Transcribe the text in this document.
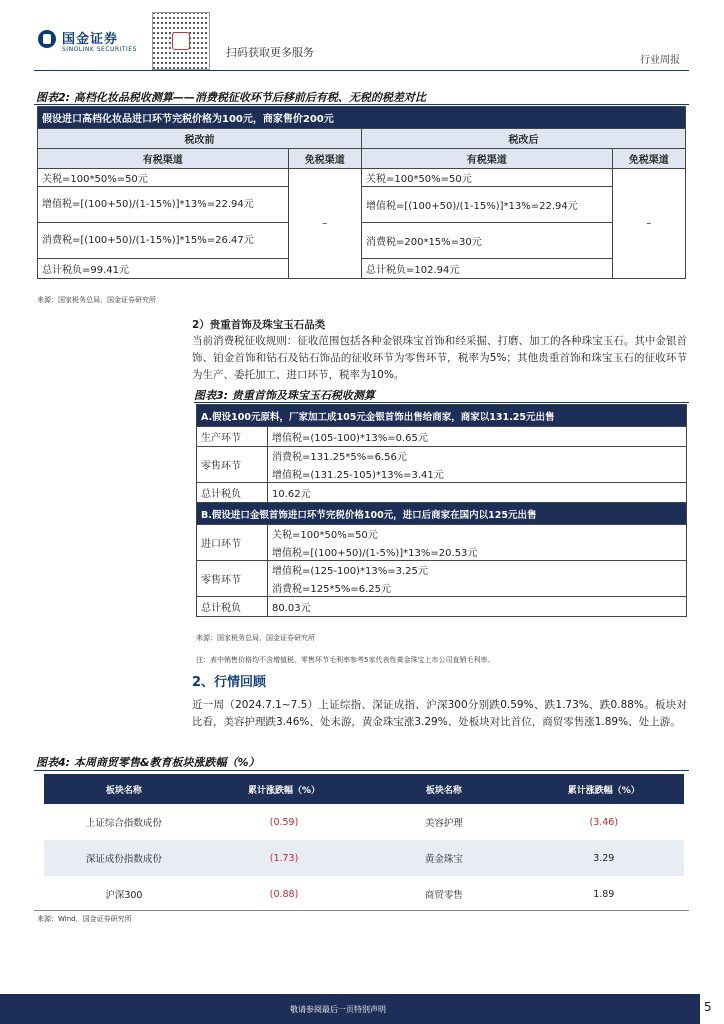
国金证券
SINOLINK SECURITIES	扫码获取更多服务
行业周报
图表2: 高档化妆品税收测算——消费税征收环节后移前后有税、无税的税差对比
假设进口高档化妆品进口环节完税价格为100元，商家售价200元			
税改前		税改后	
有税渠道	免税渠道	有税渠道	免税渠道
关税=100*50%=50元	–	关税=100*50%=50元	–
增值税=[(100+50)/(1-15%)]*13%=22.94元		增值税=[(100+50)/(1-15%)]*13%=22.94元	
消费税=[(100+50)/(1-15%)]*15%=26.47元		消费税=200*15%=30元	
总计税负=99.41元		总计税负=102.94元	
来源：国家税务总局，国金证券研究所
2）贵重首饰及珠宝玉石品类
当前消费税征收规则：征收范围包括各种金银珠宝首饰和经采掘、打磨、加工的各种珠宝玉石。其中金银首饰、铂金首饰和钻石及钻石饰品的征收环节为零售环节，税率为5%；其他贵重首饰和珠宝玉石的征收环节为生产、委托加工、进口环节，税率为10%。
图表3: 贵重首饰及珠宝玉石税收测算
A.假设100元原料，厂家加工成105元金银首饰出售给商家，商家以131.25元出售	
生产环节	增值税=(105-100)*13%=0.65元
零售环节	消费税=131.25*5%=6.56元
	增值税=(131.25-105)*13%=3.41元
总计税负	10.62元
B.假设进口金银首饰进口环节完税价格100元，进口后商家在国内以125元出售	
进口环节	关税=100*50%=50元
	增值税=[(100+50)/(1-5%)]*13%=20.53元
零售环节	增值税=(125-100)*13%=3.25元
	消费税=125*5%=6.25元
总计税负	80.03元
来源：国家税务总局，国金证券研究所
注：表中销售价格均不含增值税，零售环节毛利率参考5家代表性黄金珠宝上市公司直销毛利率。
2、行情回顾
近一周（2024.7.1~7.5）上证综指、深证成指、沪深300分别跌0.59%、跌1.73%、跌0.88%。板块对比看，美容护理跌3.46%、处末游，黄金珠宝涨3.29%、处板块对比首位，商贸零售涨1.89%、处上游。
图表4: 本周商贸零售&教育板块涨跌幅（%）
板块名称	累计涨跌幅（%）	板块名称	累计涨跌幅（%）
上证综合指数成份	(0.59)	美容护理	(3.46)
深证成份指数成份	(1.73)	黄金珠宝	3.29
沪深300	(0.88)	商贸零售	1.89
来源：Wind，国金证券研究所
敬请参阅最后一页特别声明	5
